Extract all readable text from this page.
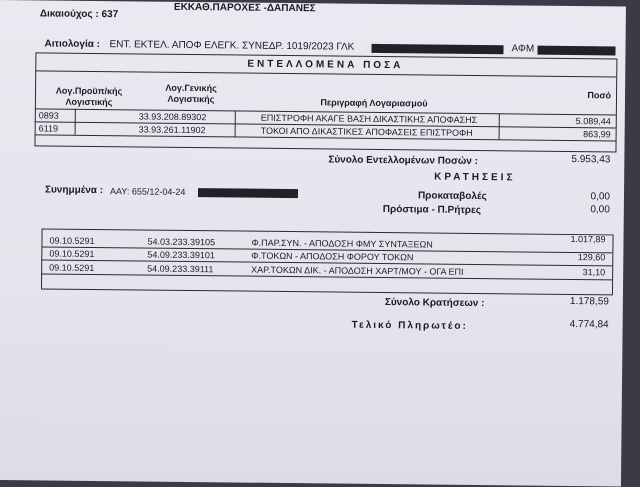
Δικαιούχος : 637
ΕΚΚΑΘ.ΠΑΡΟΧΕΣ -ΔΑΠΑΝΕΣ
Αιτιολογία : ΕΝΤ. ΕΚΤΕΛ. ΑΠΟΦ ΕΛΕΓΚ. ΣΥΝΕΔΡ. 1019/2023 ΓΛΚ	ΑΦΜ
ΕΝΤΕΛΛΟΜΕΝΑ ΠΟΣΑ
Λογ.Προϋπ/κής Λογιστικής
Λογ.Γενικής Λογιστικής	Περιγραφή Λογαριασμού
Ποσό
0893	33.93.208.89302	ΕΠΙΣΤΡΟΦΗ ΑΚΑΓΕ ΒΑΣΗ ΔΙΚΑΣΤΙΚΗΣ ΑΠΟΦΑΣΗΣ	5.089,44
6119	33.93.261.11902	ΤΟΚΟΙ ΑΠΟ ΔΙΚΑΣΤΙΚΕΣ ΑΠΟΦΑΣΕΙΣ ΕΠΙΣΤΡΟΦΗ	863,99
Σύνολο Εντελλομένων Ποσών :	5.953,43
ΚΡΑΤΗΣΕΙΣ
Συνημμένα : ΑΑΥ: 655/12-04-24	Προκαταβολές	0,00
Πρόστιμα - Π.Ρήτρες	0,00
09.10.5291	54.03.233.39105	Φ.ΠΑΡ.ΣΥΝ. - ΑΠΟΔΟΣΗ ΦΜΥ ΣΥΝΤΑΞΕΩΝ	1.017,89
09.10.5291	54.09.233.39101	Φ.ΤΟΚΩΝ - ΑΠΟΔΟΣΗ ΦΟΡΟΥ ΤΟΚΩΝ	129,60
09.10.5291	54.09.233.39111	ΧΑΡ.ΤΟΚΩΝ ΔΙΚ. - ΑΠΟΔΟΣΗ ΧΑΡΤ/ΜΟΥ - ΟΓΑ ΕΠΙ	31,10
Σύνολο Κρατήσεων :	1.178,59
Τελικό Πληρωτέο:	4.774,84
